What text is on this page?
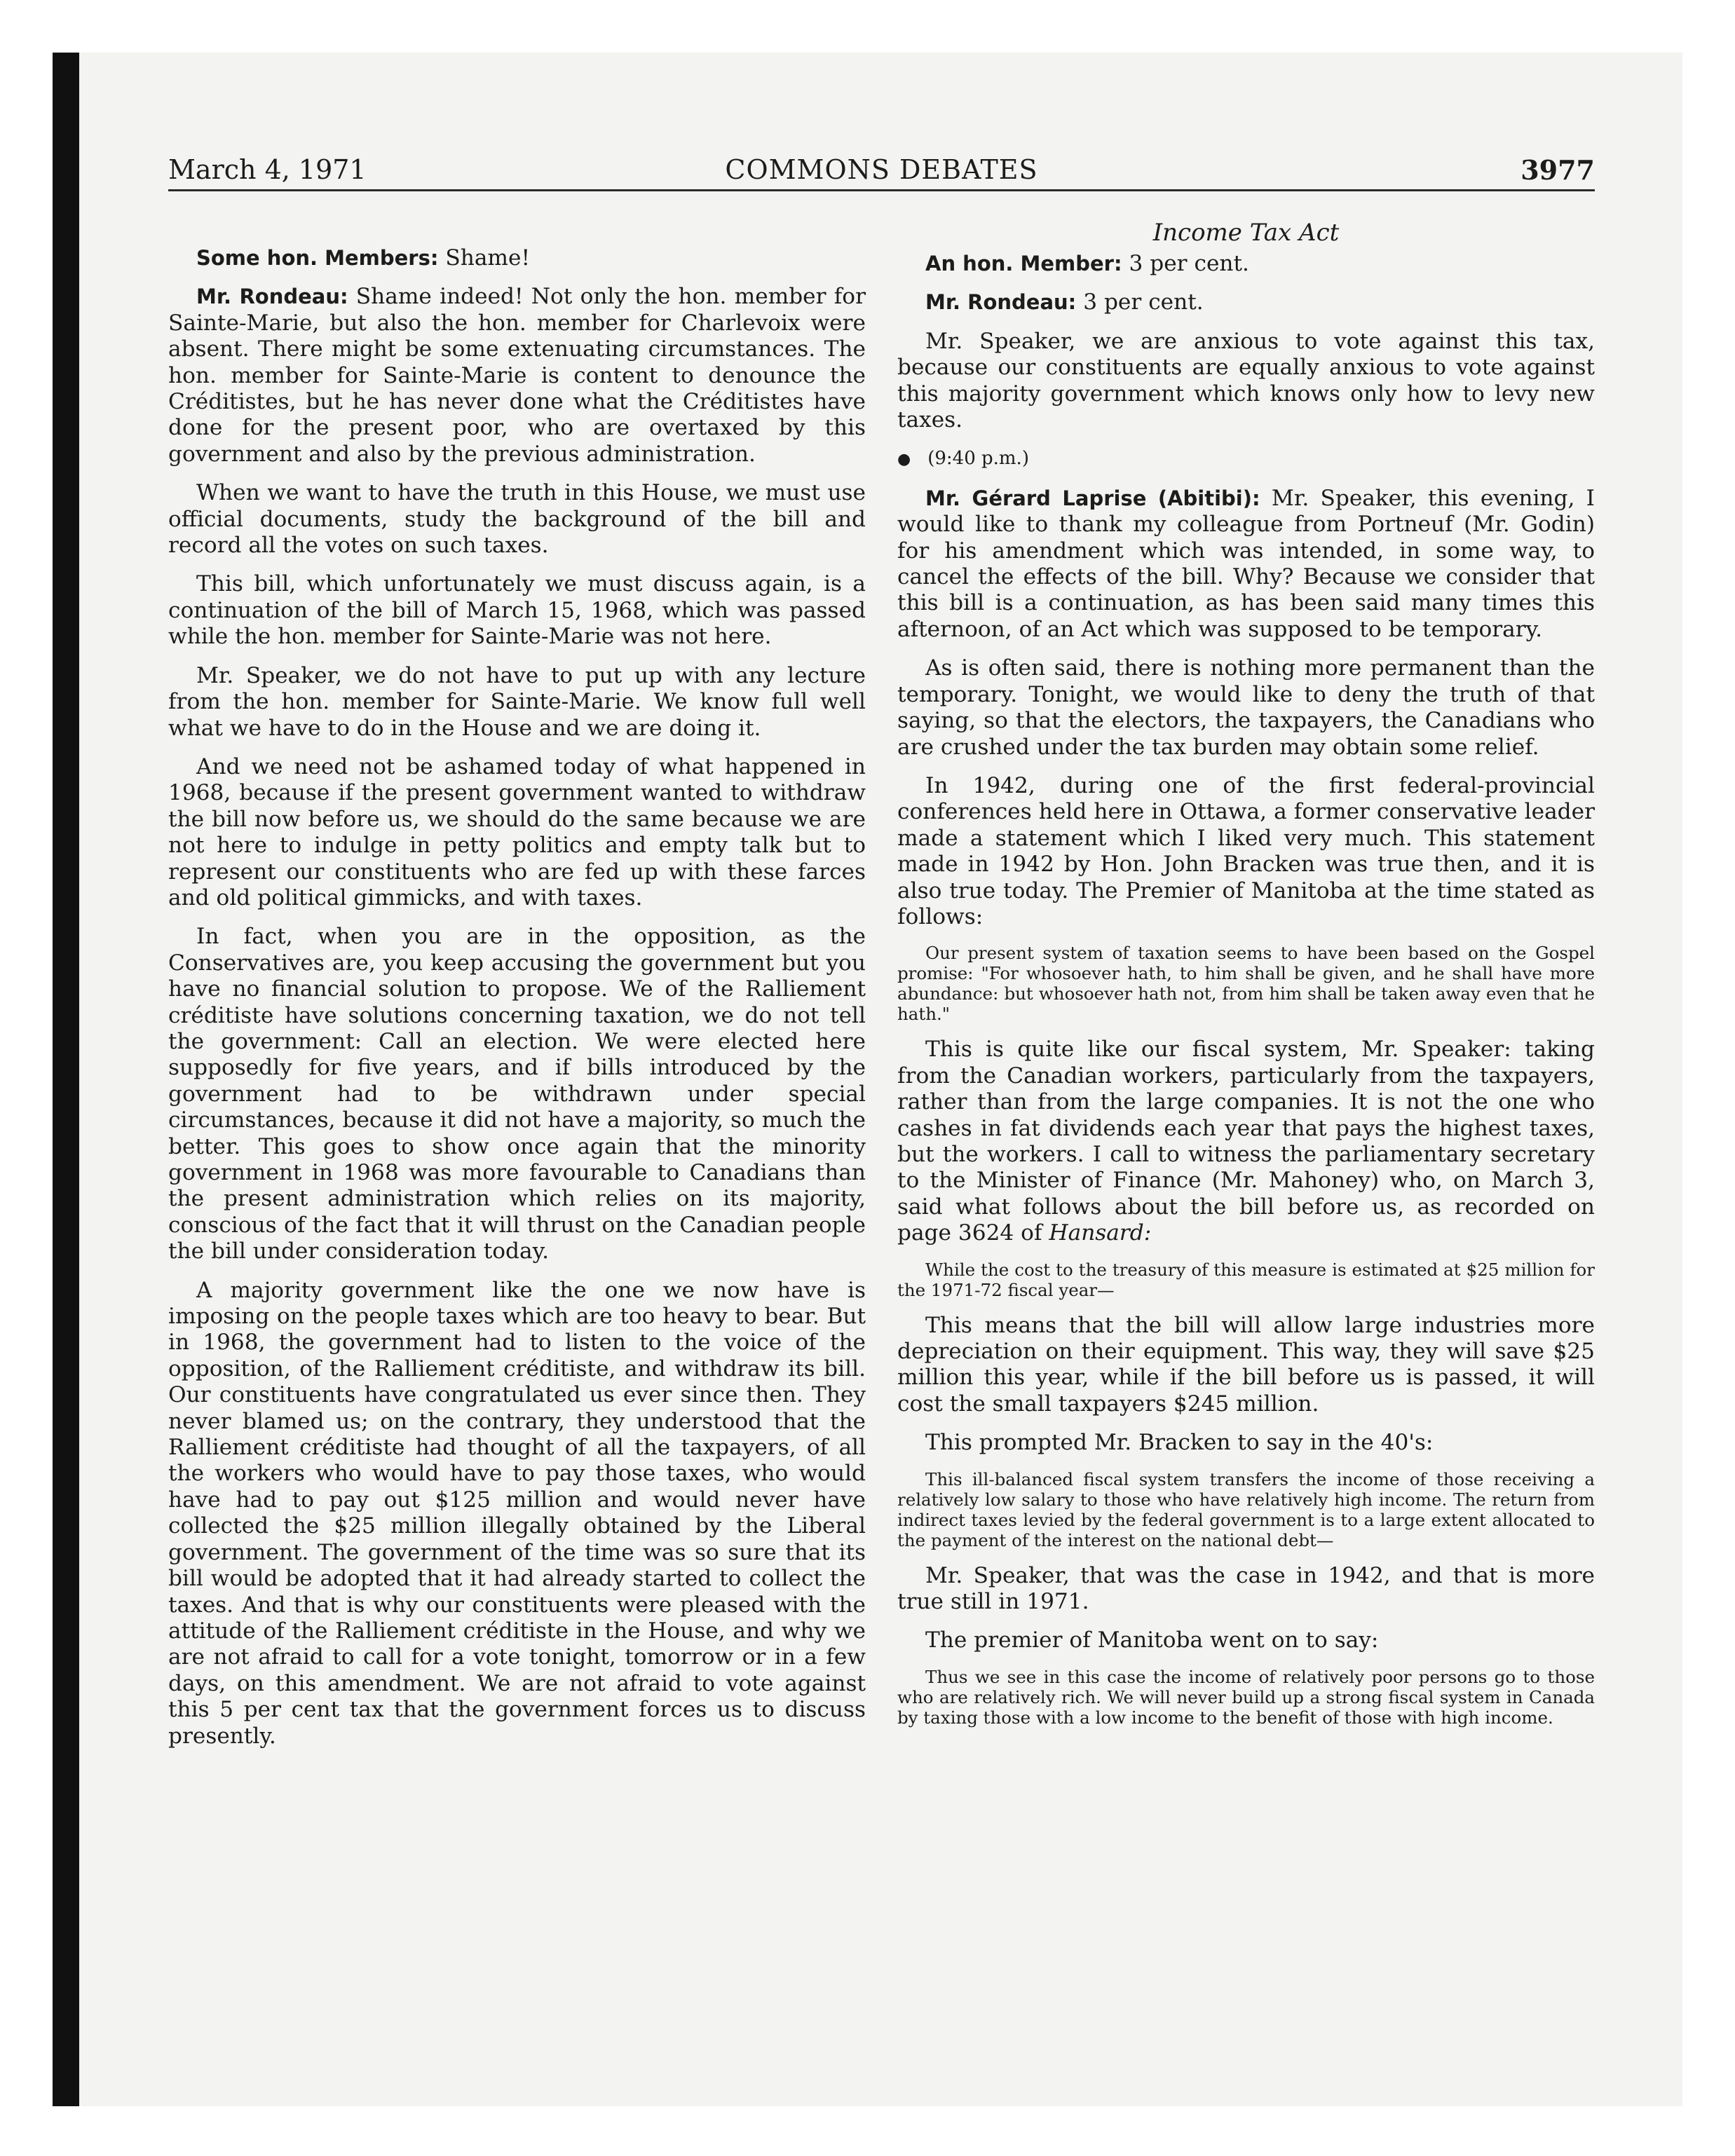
March 4, 1971	COMMONS DEBATES	3977
Income Tax Act

Some hon. Members: Shame!

Mr. Rondeau: Shame indeed! Not only the hon. member for Sainte-Marie, but also the hon. member for Charlevoix were absent. There might be some extenuating circumstances. The hon. member for Sainte-Marie is content to denounce the Créditistes, but he has never done what the Créditistes have done for the present poor, who are overtaxed by this government and also by the previous administration.

When we want to have the truth in this House, we must use official documents, study the background of the bill and record all the votes on such taxes.

This bill, which unfortunately we must discuss again, is a continuation of the bill of March 15, 1968, which was passed while the hon. member for Sainte-Marie was not here.

Mr. Speaker, we do not have to put up with any lecture from the hon. member for Sainte-Marie. We know full well what we have to do in the House and we are doing it.

And we need not be ashamed today of what happened in 1968, because if the present government wanted to withdraw the bill now before us, we should do the same because we are not here to indulge in petty politics and empty talk but to represent our constituents who are fed up with these farces and old political gimmicks, and with taxes.

In fact, when you are in the opposition, as the Conservatives are, you keep accusing the government but you have no financial solution to propose. We of the Ralliement créditiste have solutions concerning taxation, we do not tell the government: Call an election. We were elected here supposedly for five years, and if bills introduced by the government had to be withdrawn under special circumstances, because it did not have a majority, so much the better. This goes to show once again that the minority government in 1968 was more favourable to Canadians than the present administration which relies on its majority, conscious of the fact that it will thrust on the Canadian people the bill under consideration today.

A majority government like the one we now have is imposing on the people taxes which are too heavy to bear. But in 1968, the government had to listen to the voice of the opposition, of the Ralliement créditiste, and withdraw its bill. Our constituents have congratulated us ever since then. They never blamed us; on the contrary, they understood that the Ralliement créditiste had thought of all the taxpayers, of all the workers who would have to pay those taxes, who would have had to pay out $125 million and would never have collected the $25 million illegally obtained by the Liberal government. The government of the time was so sure that its bill would be adopted that it had already started to collect the taxes. And that is why our constituents were pleased with the attitude of the Ralliement créditiste in the House, and why we are not afraid to call for a vote tonight, tomorrow or in a few days, on this amendment. We are not afraid to vote against this 5 per cent tax that the government forces us to discuss presently.

An hon. Member: 3 per cent.

Mr. Rondeau: 3 per cent.

Mr. Speaker, we are anxious to vote against this tax, because our constituents are equally anxious to vote against this majority government which knows only how to levy new taxes.

● (9:40 p.m.)

Mr. Gérard Laprise (Abitibi): Mr. Speaker, this evening, I would like to thank my colleague from Portneuf (Mr. Godin) for his amendment which was intended, in some way, to cancel the effects of the bill. Why? Because we consider that this bill is a continuation, as has been said many times this afternoon, of an Act which was supposed to be temporary.

As is often said, there is nothing more permanent than the temporary. Tonight, we would like to deny the truth of that saying, so that the electors, the taxpayers, the Canadians who are crushed under the tax burden may obtain some relief.

In 1942, during one of the first federal-provincial conferences held here in Ottawa, a former conservative leader made a statement which I liked very much. This statement made in 1942 by Hon. John Bracken was true then, and it is also true today. The Premier of Manitoba at the time stated as follows:

Our present system of taxation seems to have been based on the Gospel promise: "For whosoever hath, to him shall be given, and he shall have more abundance: but whosoever hath not, from him shall be taken away even that he hath."

This is quite like our fiscal system, Mr. Speaker: taking from the Canadian workers, particularly from the taxpayers, rather than from the large companies. It is not the one who cashes in fat dividends each year that pays the highest taxes, but the workers. I call to witness the parliamentary secretary to the Minister of Finance (Mr. Mahoney) who, on March 3, said what follows about the bill before us, as recorded on page 3624 of Hansard:

While the cost to the treasury of this measure is estimated at $25 million for the 1971-72 fiscal year—

This means that the bill will allow large industries more depreciation on their equipment. This way, they will save $25 million this year, while if the bill before us is passed, it will cost the small taxpayers $245 million.

This prompted Mr. Bracken to say in the 40's:

This ill-balanced fiscal system transfers the income of those receiving a relatively low salary to those who have relatively high income. The return from indirect taxes levied by the federal government is to a large extent allocated to the payment of the interest on the national debt—

Mr. Speaker, that was the case in 1942, and that is more true still in 1971.

The premier of Manitoba went on to say:

Thus we see in this case the income of relatively poor persons go to those who are relatively rich. We will never build up a strong fiscal system in Canada by taxing those with a low income to the benefit of those with high income.
